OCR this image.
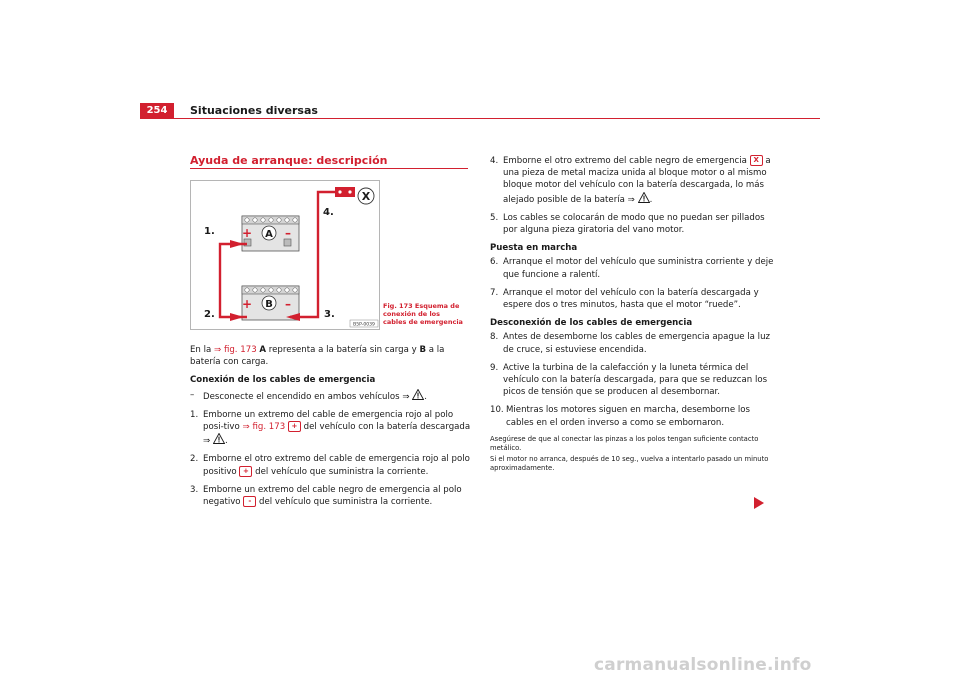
254	Situaciones diversas
Ayuda de arranque: descripción
+	–
+	–
A
B
X
1.
2.	3.
4.
B5P-0039
Fig. 173 Esquema de conexión de los cables de emergencia

En la ⇒ fig. 173 A representa a la batería sin carga y B a la batería con carga.

Conexión de los cables de emergencia
–	Desconecte el encendido en ambos vehículos ⇒ .
1. Emborne un extremo del cable de emergencia rojo al polo posi-tivo ⇒ fig. 173 + del vehículo con la batería descargada ⇒ .
2. Emborne el otro extremo del cable de emergencia rojo al polo positivo + del vehículo que suministra la corriente.
3. Emborne un extremo del cable negro de emergencia al polo negativo - del vehículo que suministra la corriente.
4. Emborne el otro extremo del cable negro de emergencia X a una pieza de metal maciza unida al bloque motor o al mismo bloque motor del vehículo con la batería descargada, lo más alejado posible de la batería ⇒ .
5. Los cables se colocarán de modo que no puedan ser pillados por alguna pieza giratoria del vano motor.
Puesta en marcha
6. Arranque el motor del vehículo que suministra corriente y deje que funcione a ralentí.
7. Arranque el motor del vehículo con la batería descargada y espere dos o tres minutos, hasta que el motor “ruede”.
Desconexión de los cables de emergencia
8. Antes de desemborne los cables de emergencia apague la luz de cruce, si estuviese encendida.
9. Active la turbina de la calefacción y la luneta térmica del vehículo con la batería descargada, para que se reduzcan los picos de tensión que se producen al desembornar.
10. Mientras los motores siguen en marcha, desemborne los cables en el orden inverso a como se embornaron.

Asegúrese de que al conectar las pinzas a los polos tengan suficiente contacto metálico.

Si el motor no arranca, después de 10 seg., vuelva a intentarlo pasado un minuto aproximadamente.

carmanualsonline.info
